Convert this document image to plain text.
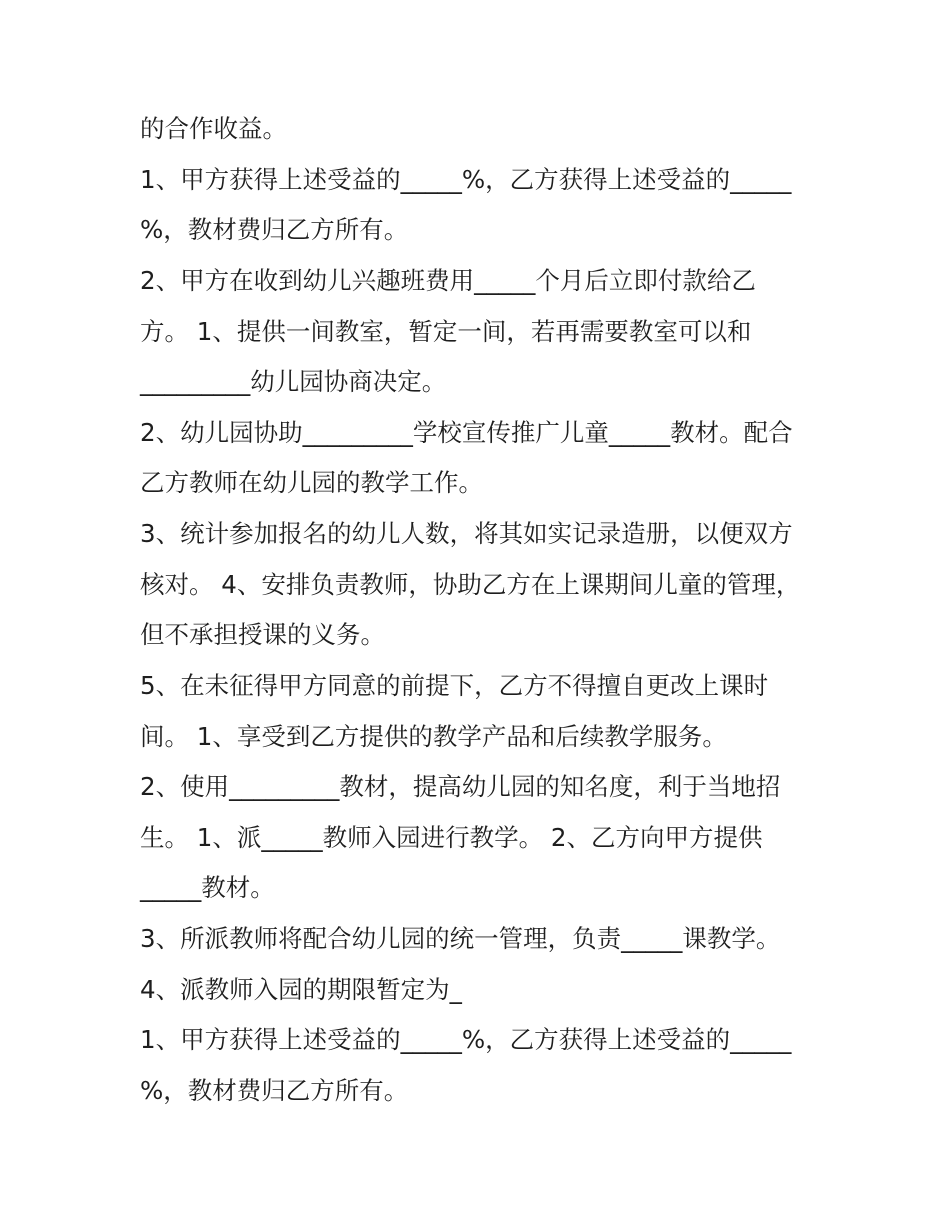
的合作收益。
1、甲方获得上述受益的_____%，乙方获得上述受益的_____
%，教材费归乙方所有。
2、甲方在收到幼儿兴趣班费用_____个月后立即付款给乙
方。 1、提供一间教室，暂定一间，若再需要教室可以和
_________幼儿园协商决定。
2、幼儿园协助_________学校宣传推广儿童_____教材。配合
乙方教师在幼儿园的教学工作。
3、统计参加报名的幼儿人数，将其如实记录造册，以便双方
核对。 4、安排负责教师，协助乙方在上课期间儿童的管理，
但不承担授课的义务。
5、在未征得甲方同意的前提下，乙方不得擅自更改上课时
间。 1、享受到乙方提供的教学产品和后续教学服务。
2、使用_________教材，提高幼儿园的知名度，利于当地招
生。 1、派_____教师入园进行教学。 2、乙方向甲方提供
_____教材。
3、所派教师将配合幼儿园的统一管理，负责_____课教学。
4、派教师入园的期限暂定为_
1、甲方获得上述受益的_____%，乙方获得上述受益的_____
%，教材费归乙方所有。
